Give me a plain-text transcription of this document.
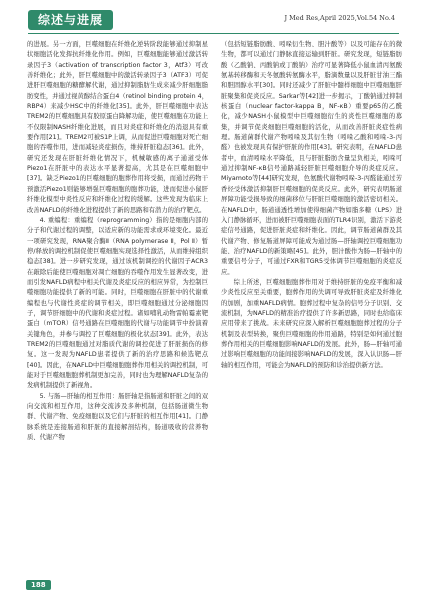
综述与进展	J Med Res,April 2025,Vol.54 No.4

的进展。另一方面，巨噬细胞在纤维化逆转阶段能够通过抑制星状细胞活化发挥抗纤维化作用。例如，巨噬细胞能够通过激活转录因子3（activation of transcription factor 3，Atf3）可改善纤维化；此外，肝巨噬细胞中的激活转录因子3（ATF3）可促进肝巨噬细胞的糖酵解代谢，通过抑制脂肪生成来减少肝细胞脂肪变性，并通过视黄醇结合蛋白4（retinol binding protein 4，RBP4）来减少HSC中的纤维化[35]。此外，肝巨噬细胞中表达TREM2的巨噬细胞具有胶原蛋白降解功能，使巨噬细胞在功能上不仅限制NASH纤维化进展，而且对炎症和纤维化的消退具有重要作用[21]。TREM2可被S1P上调，从而促进巨噬细胞对死亡细胞的吞噬作用，进而减轻炎症损伤，维持肝脏稳态[36]。此外，研究还发现在肝脏纤维化情况下，机械敏感的离子通道受体Piezo1在肝脏中的表达水平显著提高，尤其是在巨噬细胞中[37]。缺乏Piezo1的巨噬细胞的胞葬作用将受损，而通过药物干预激活Piezo1则能够增强巨噬细胞的胞葬功能，进而促进小鼠肝纤维化模型中炎性反应和纤维化过程的缓解。这些发现为临床上改善NAFLD的纤维化进程提供了新的思路和有潜力的治疗靶点。

4. 重编程：重编程（reprogramming）指的是细胞内部的分子和代谢过程的调整，以适应新的功能需求或环境变化。最近一项研究发现，RNA聚合酶Ⅱ（RNA polymerase Ⅱ，Pol Ⅱ）暂停/释放的调控机制促使巨噬细胞实现选择性激活，从而维持组织稳态[38]。进一步研究发现，通过该机制调控的代谢因子ACR3在敲除后能使巨噬细胞对凋亡细胞的吞噬作用发生显著改变，进而引发NAFLD病程中相关代谢及炎症反应的相应异常，为控制巨噬细胞功能提供了新的可能。同时，巨噬细胞在肝脏中的代谢重编程也与代谢性炎症的调节相关，即巨噬细胞通过分泌细胞因子，调节肝细胞中的代谢和炎症过程。诸如哺乳动物雷帕霉素靶蛋白（mTOR）信号通路在巨噬细胞的代谢与功能调节中扮演着关键角色，并参与调控了巨噬细胞的极化状态[39]。此外，表达TREM2的巨噬细胞通过对脂质代谢的调控促进了肝脏损伤的修复。这一发现为NAFLD患者提供了新的治疗思路和候选靶点[40]。因此，在NAFLD中巨噬细胞胞葬作用相关的调控机制，可能对于巨噬细胞胞葬机制更加完善，同时也为理解NAFLD复杂的发病机制提供了新视角。

5. 与肠—肝轴的相互作用：肠肝轴是指肠道和肝脏之间的双向交流和相互作用，这种交流涉及多种机制，包括肠道微生物群、代谢产物、免疫细胞以及它们与肝脏的相互作用[41]。门静脉系统是连接肠道和肝脏的直接解剖结构，肠道吸收的营养物质、代谢产物

（包括短链脂肪酸、吲哚衍生物、胆汁酸等）以及可能存在的微生物，都可以通过门静脉直接运输到肝脏。研究发现，短链脂肪酸（乙酸钠、丙酸钠或丁酸钠）治疗可显著降低小鼠血清丙氨酸氨基转移酶和天冬氨酸转氨酶水平，脂滴数量以及肝脏甘油三酯和胆固醇水平[30]。同时还减少了肝脏中髓样细胞中巨噬细胞肝脏聚集和促炎反应。Sarkar等[42]进一步揭示，丁酸钠通过抑制核蛋白（nuclear factor-kappa B，NF-κB）重要p65的乙酰化，减少NASH小鼠模型中巨噬细胞衍生的炎性巨噬细胞的募集，并调节促炎细胞巨噬细胞的活化，从而改善肝脏炎症性病理。肠道菌群代谢产物吲哚及其衍生物（吲哚乙酸和吲哚-3-丙醛）也被发现具有保护肝脏的作用[43]。研究表明，在NAFLD患者中，血清吲哚水平降低，且与肝脏脂肪含量呈负相关，吲哚可通过抑制NF-κB信号通路减轻肝脏巨噬细胞介导的炎症反应。Miyamoto等[44]研究发现，色氨酸代谢物吲哚-3-丙醛能通过芳香烃受体激活抑制肝巨噬细胞的促炎反应。此外，研究表明肠道屏障功能受损导致的细菌移位与肝脏巨噬细胞的激活密切相关。在NAFLD中，肠道通透性增加使得细菌产物如脂多糖（LPS）进入门静脉循环，进而被肝巨噬细胞表面的TLR4识别，激活下游炎症信号通路，促进肝脏炎症和纤维化。因此，调节肠道菌群及其代谢产物、修复肠道屏障可能成为通过肠—肝轴调控巨噬细胞功能、治疗NAFLD的新策略[45]。此外，胆汁酸作为肠—肝轴中的重要信号分子，可通过FXR和TGR5受体调节巨噬细胞的炎症反应。

综上所述，巨噬细胞胞葬作用对于维持肝脏的免疫平衡和减少炎性反应至关重要，胞葬作用的失调可导致肝脏炎症及纤维化的加剧，加重NAFLD病情。胞葬过程中复杂的信号分子识别、交流机制，为NAFLD的精准治疗提供了许多新思路，同时也给临床应用带来了挑战。未来研究应深入解析巨噬细胞胞葬过程的分子机制及表型转换，聚焦巨噬细胞的作用通路，特别是如何通过胞葬作用相关的巨噬细胞影响NAFLD的发展。此外，肠—肝轴可通过影响巨噬细胞的功能间接影响NAFLD的发展，深入认识肠—肝轴的相互作用，可能会为NAFLD的预防和诊治提供新方法。

188
